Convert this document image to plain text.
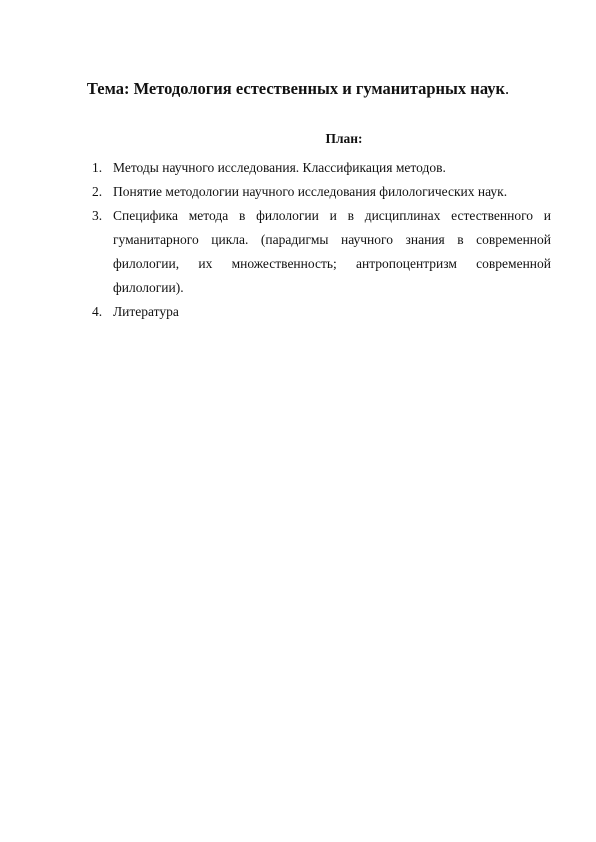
Тема: Методология естественных и гуманитарных наук.
План:
1. Методы научного исследования. Классификация методов.
2. Понятие методологии научного исследования филологических наук.
3. Специфика метода в филологии и в дисциплинах естественного и гуманитарного цикла. (парадигмы научного знания в современной филологии, их множественность; антропоцентризм современной филологии).
4. Литература
